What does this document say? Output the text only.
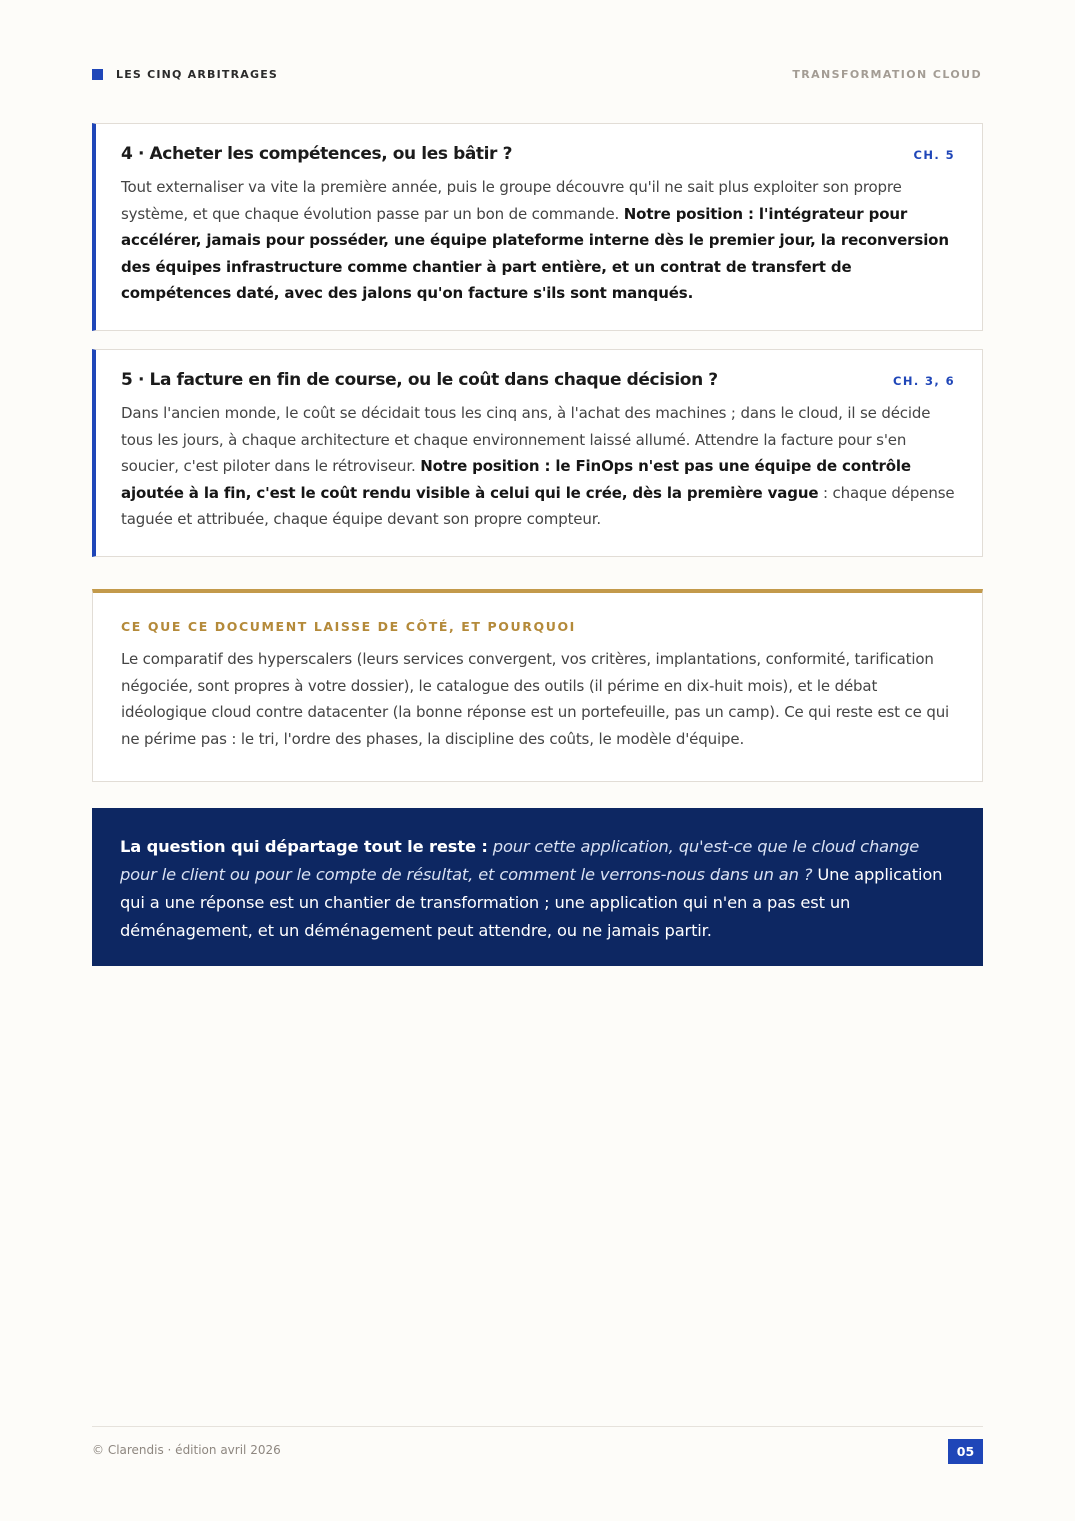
LES CINQ ARBITRAGES	TRANSFORMATION CLOUD
4 · Acheter les compétences, ou les bâtir ?	CH. 5
Tout externaliser va vite la première année, puis le groupe découvre qu'il ne sait plus exploiter son propre système, et que chaque évolution passe par un bon de commande. Notre position : l'intégrateur pour accélérer, jamais pour posséder, une équipe plateforme interne dès le premier jour, la reconversion des équipes infrastructure comme chantier à part entière, et un contrat de transfert de compétences daté, avec des jalons qu'on facture s'ils sont manqués.
5 · La facture en fin de course, ou le coût dans chaque décision ?	CH. 3, 6
Dans l'ancien monde, le coût se décidait tous les cinq ans, à l'achat des machines ; dans le cloud, il se décide tous les jours, à chaque architecture et chaque environnement laissé allumé. Attendre la facture pour s'en soucier, c'est piloter dans le rétroviseur. Notre position : le FinOps n'est pas une équipe de contrôle ajoutée à la fin, c'est le coût rendu visible à celui qui le crée, dès la première vague : chaque dépense taguée et attribuée, chaque équipe devant son propre compteur.
CE QUE CE DOCUMENT LAISSE DE CÔTÉ, ET POURQUOI
Le comparatif des hyperscalers (leurs services convergent, vos critères, implantations, conformité, tarification négociée, sont propres à votre dossier), le catalogue des outils (il périme en dix-huit mois), et le débat idéologique cloud contre datacenter (la bonne réponse est un portefeuille, pas un camp). Ce qui reste est ce qui ne périme pas : le tri, l'ordre des phases, la discipline des coûts, le modèle d'équipe.
La question qui départage tout le reste : pour cette application, qu'est-ce que le cloud change pour le client ou pour le compte de résultat, et comment le verrons-nous dans un an ? Une application qui a une réponse est un chantier de transformation ; une application qui n'en a pas est un déménagement, et un déménagement peut attendre, ou ne jamais partir.
© Clarendis · édition avril 2026	05
